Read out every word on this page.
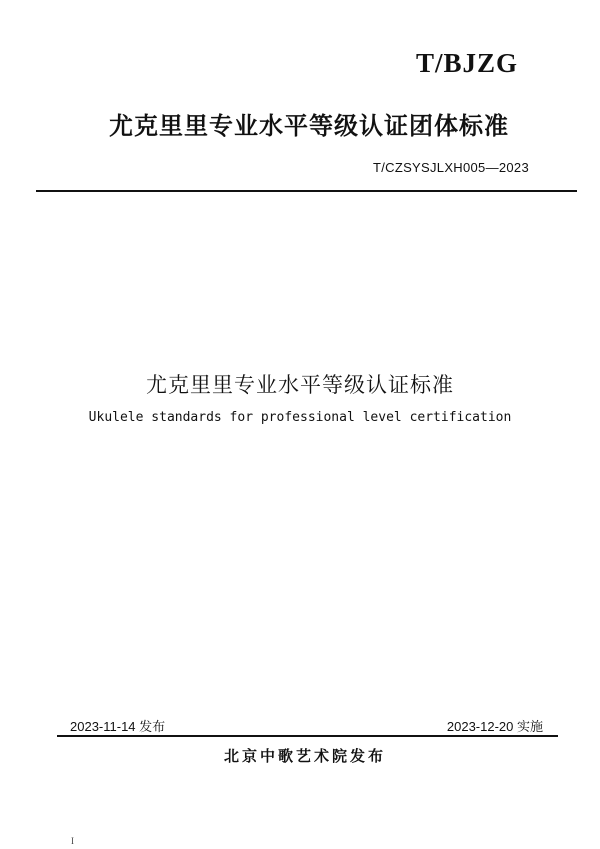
T/BJZG
尤克里里专业水平等级认证团体标准
T/CZSYSJLXH005—2023
尤克里里专业水平等级认证标准
Ukulele standards for professional level certification
2023-11-14 发布	2023-12-20 实施
北京中歌艺术院发布
I
